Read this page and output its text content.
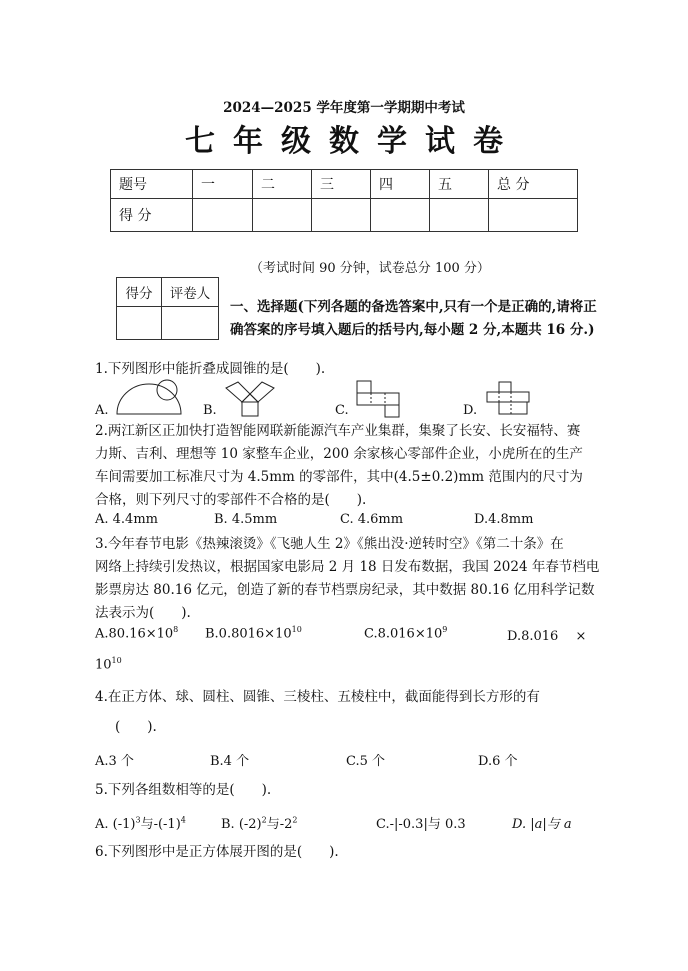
2024—2025 学年度第一学期期中考试
七年级数学试卷
题号	一	二	三	四	五	总 分
得 分						
（考试时间 90 分钟，试卷总分 100 分）
得分	评卷人

一、选择题(下列各题的备选答案中,只有一个是正确的,请将正
确答案的序号填入题后的括号内,每小题 2 分,本题共 16 分.)
1.下列图形中能折叠成圆锥的是(　　).
A.	B.	C.	D.
2.两江新区正加快打造智能网联新能源汽车产业集群，集聚了长安、长安福特、赛
力斯、吉利、理想等 10 家整车企业，200 余家核心零部件企业，小虎所在的生产
车间需要加工标准尺寸为 4.5mm 的零部件，其中(4.5±0.2)mm 范围内的尺寸为
合格，则下列尺寸的零部件不合格的是(　　).
A. 4.4mm	B. 4.5mm	C. 4.6mm	D.4.8mm
3.今年春节电影《热辣滚烫》《飞驰人生 2》《熊出没·逆转时空》《第二十条》在
网络上持续引发热议，根据国家电影局 2 月 18 日发布数据，我国 2024 年春节档电
影票房达 80.16 亿元，创造了新的春节档票房纪录，其中数据 80.16 亿用科学记数
法表示为(　　).
$A.80.16\times 10^8$ $B.0.8016\times 10^{10}$	$C.8.016\times 10^9$	D.8.016　 ×
$10^{10}$
4.在正方体、球、圆柱、圆锥、三棱柱、五棱柱中，截面能得到长方形的有
(　　).
A.3 个	B.4 个	C.5 个	D.6 个
5.下列各组数相等的是(　　).
A. $(-1)^3$与$-(-1)^4$	B. $(-2)^2$与$-2^2$	C.-|-0.3|与 0.3	D. |a|与 a
6.下列图形中是正方体展开图的是(　　).
